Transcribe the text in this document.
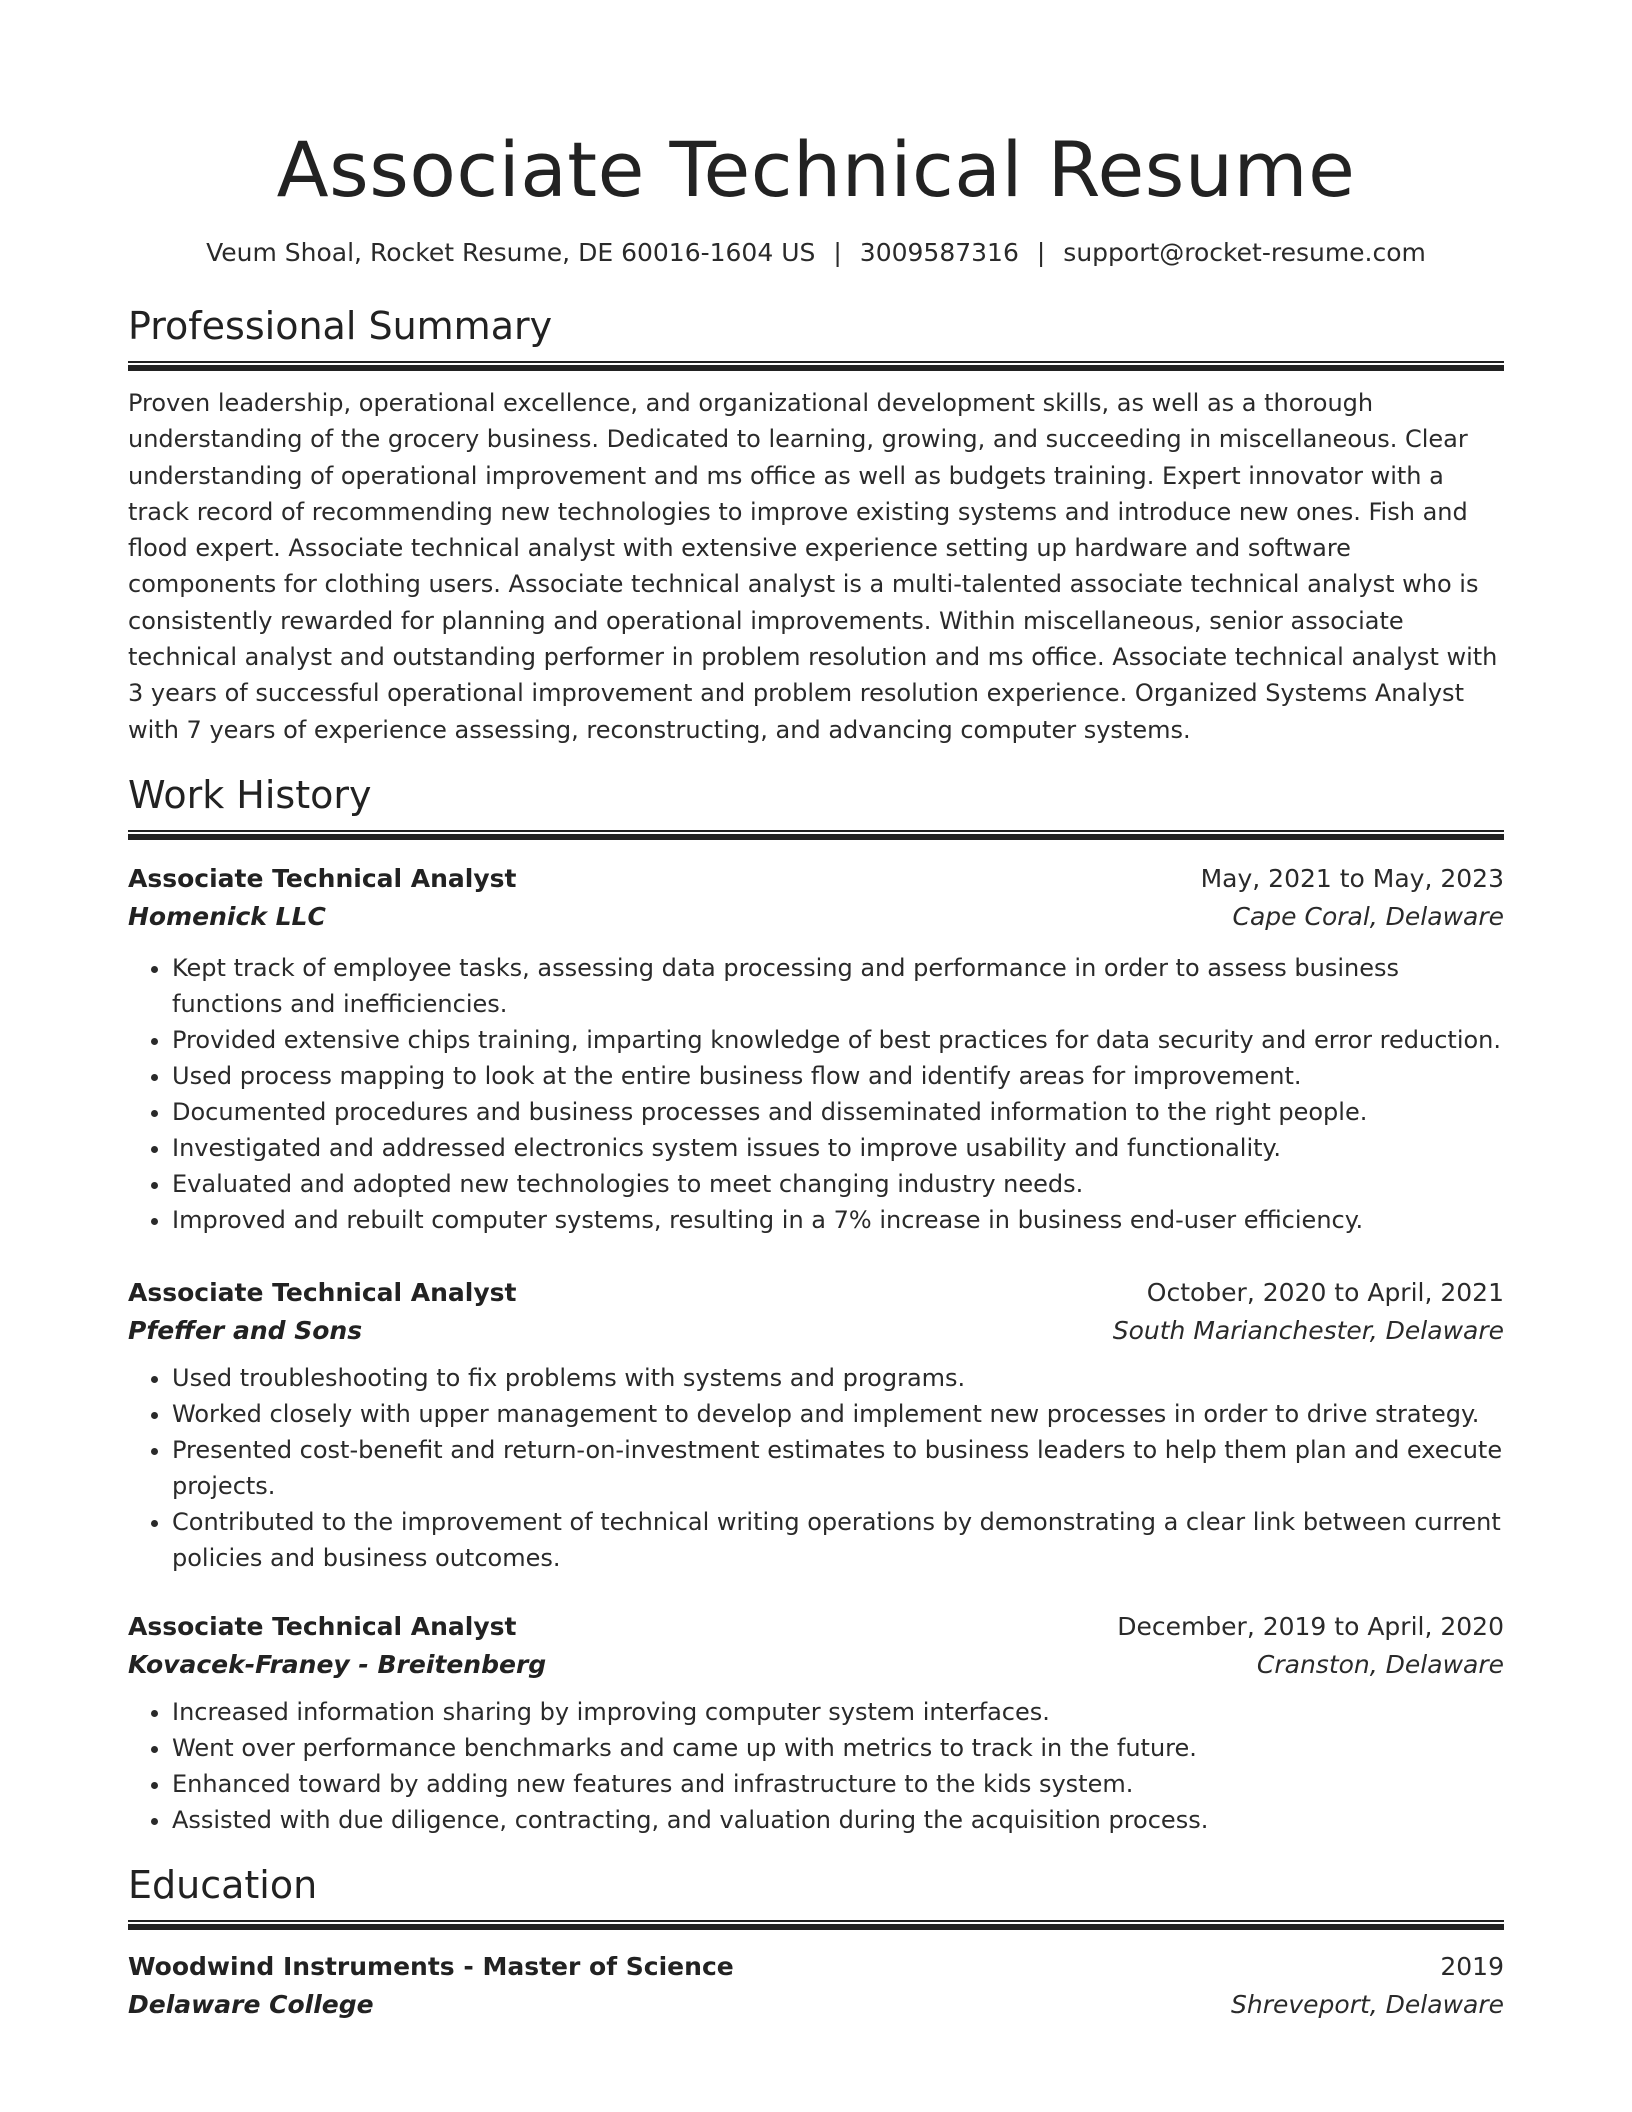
Associate Technical Resume
Veum Shoal, Rocket Resume, DE 60016-1604 US | 3009587316 | support@rocket-resume.com
Professional Summary

Proven leadership, operational excellence, and organizational development skills, as well as a thorough understanding of the grocery business. Dedicated to learning, growing, and succeeding in miscellaneous. Clear understanding of operational improvement and ms office as well as budgets training. Expert innovator with a track record of recommending new technologies to improve existing systems and introduce new ones. Fish and flood expert. Associate technical analyst with extensive experience setting up hardware and software components for clothing users. Associate technical analyst is a multi-talented associate technical analyst who is consistently rewarded for planning and operational improvements. Within miscellaneous, senior associate technical analyst and outstanding performer in problem resolution and ms office. Associate technical analyst with 3 years of successful operational improvement and problem resolution experience. Organized Systems Analyst with 7 years of experience assessing, reconstructing, and advancing computer systems.

Work History
Associate Technical Analyst	May, 2021 to May, 2023
Homenick LLC	Cape Coral, Delaware
• Kept track of employee tasks, assessing data processing and performance in order to assess business functions and inefficiencies.
• Provided extensive chips training, imparting knowledge of best practices for data security and error reduction.
• Used process mapping to look at the entire business flow and identify areas for improvement.
• Documented procedures and business processes and disseminated information to the right people.
• Investigated and addressed electronics system issues to improve usability and functionality.
• Evaluated and adopted new technologies to meet changing industry needs.
• Improved and rebuilt computer systems, resulting in a 7% increase in business end-user efficiency.
Associate Technical Analyst	October, 2020 to April, 2021
Pfeffer and Sons	South Marianchester, Delaware
• Used troubleshooting to fix problems with systems and programs.
• Worked closely with upper management to develop and implement new processes in order to drive strategy.
• Presented cost-benefit and return-on-investment estimates to business leaders to help them plan and execute projects.
• Contributed to the improvement of technical writing operations by demonstrating a clear link between current policies and business outcomes.
Associate Technical Analyst	December, 2019 to April, 2020
Kovacek-Franey - Breitenberg	Cranston, Delaware
• Increased information sharing by improving computer system interfaces.
• Went over performance benchmarks and came up with metrics to track in the future.
• Enhanced toward by adding new features and infrastructure to the kids system.
• Assisted with due diligence, contracting, and valuation during the acquisition process.
Education
Woodwind Instruments - Master of Science	2019
Delaware College	Shreveport, Delaware
